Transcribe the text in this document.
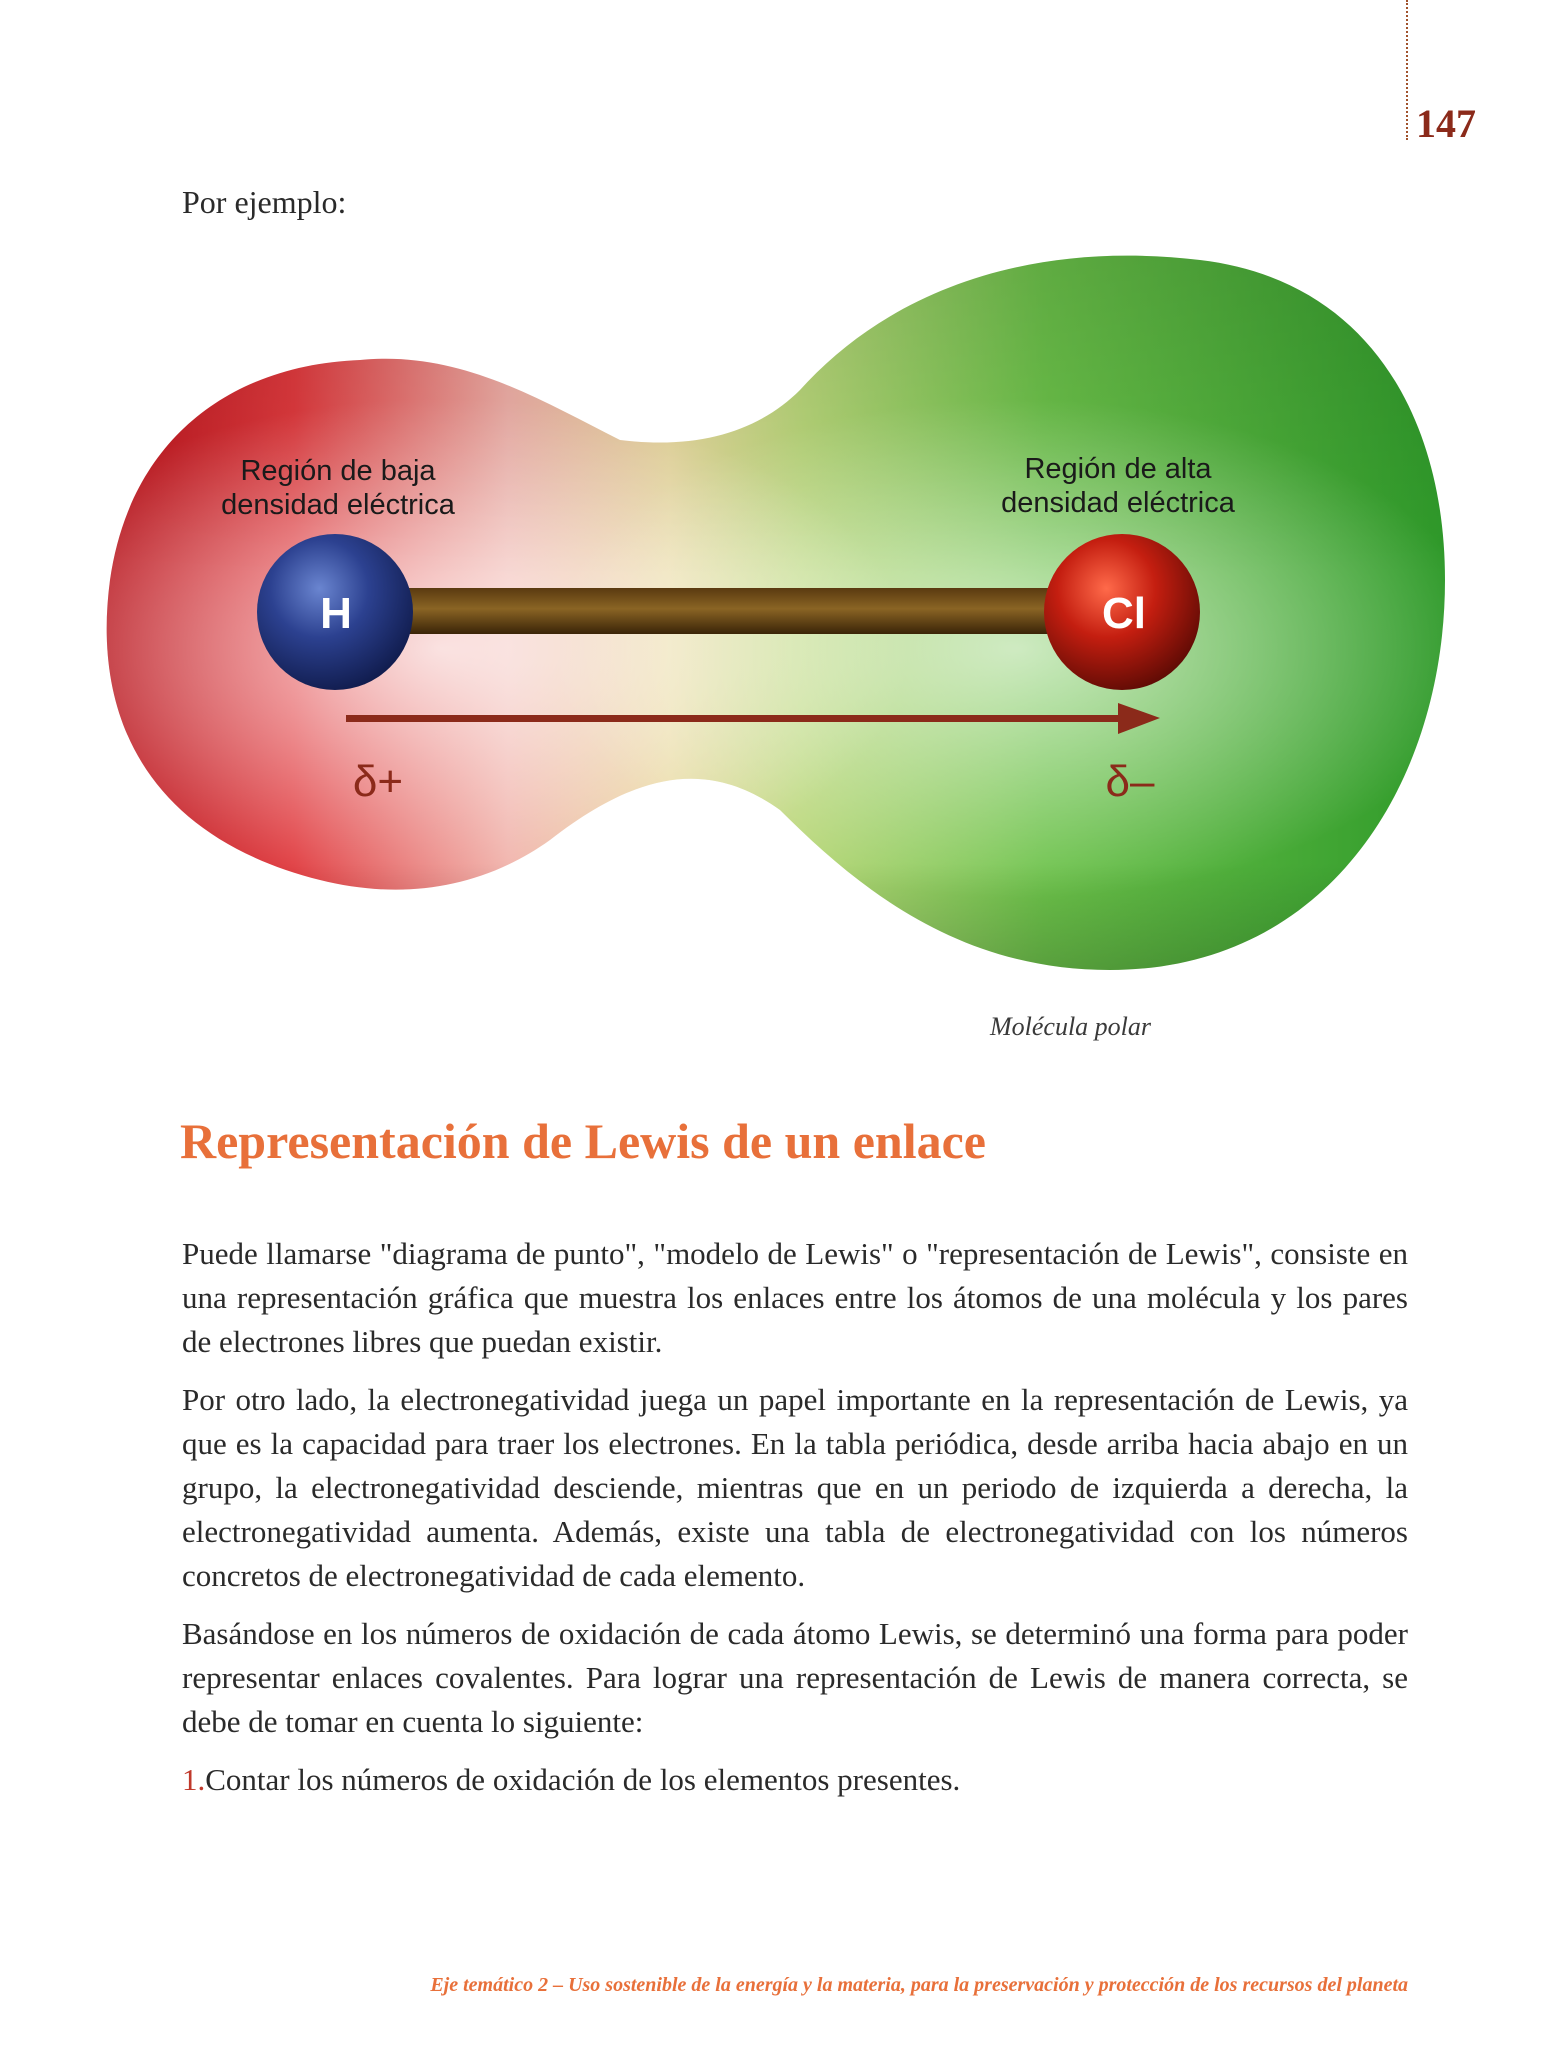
147
Por ejemplo:
Región de baja
densidad eléctrica
Región de alta
densidad eléctrica
H	Cl
δ+	δ–
Molécula polar
Representación de Lewis de un enlace

Puede llamarse "diagrama de punto", "modelo de Lewis" o "representación de Lewis", consiste en una representación gráfica que muestra los enlaces entre los átomos de una molécula y los pares de electrones libres que puedan existir.

Por otro lado, la electronegatividad juega un papel importante en la representación de Lewis, ya que es la capacidad para traer los electrones. En la tabla periódica, desde arriba hacia abajo en un grupo, la electronegatividad desciende, mientras que en un periodo de izquierda a derecha, la electronegatividad aumenta. Además, existe una tabla de electronegatividad con los números concretos de electronegatividad de cada elemento.

Basándose en los números de oxidación de cada átomo Lewis, se determinó una forma para poder representar enlaces covalentes. Para lograr una representación de Lewis de manera correcta, se debe de tomar en cuenta lo siguiente:

1.Contar los números de oxidación de los elementos presentes.

Eje temático 2 – Uso sostenible de la energía y la materia, para la preservación y protección de los recursos del planeta
